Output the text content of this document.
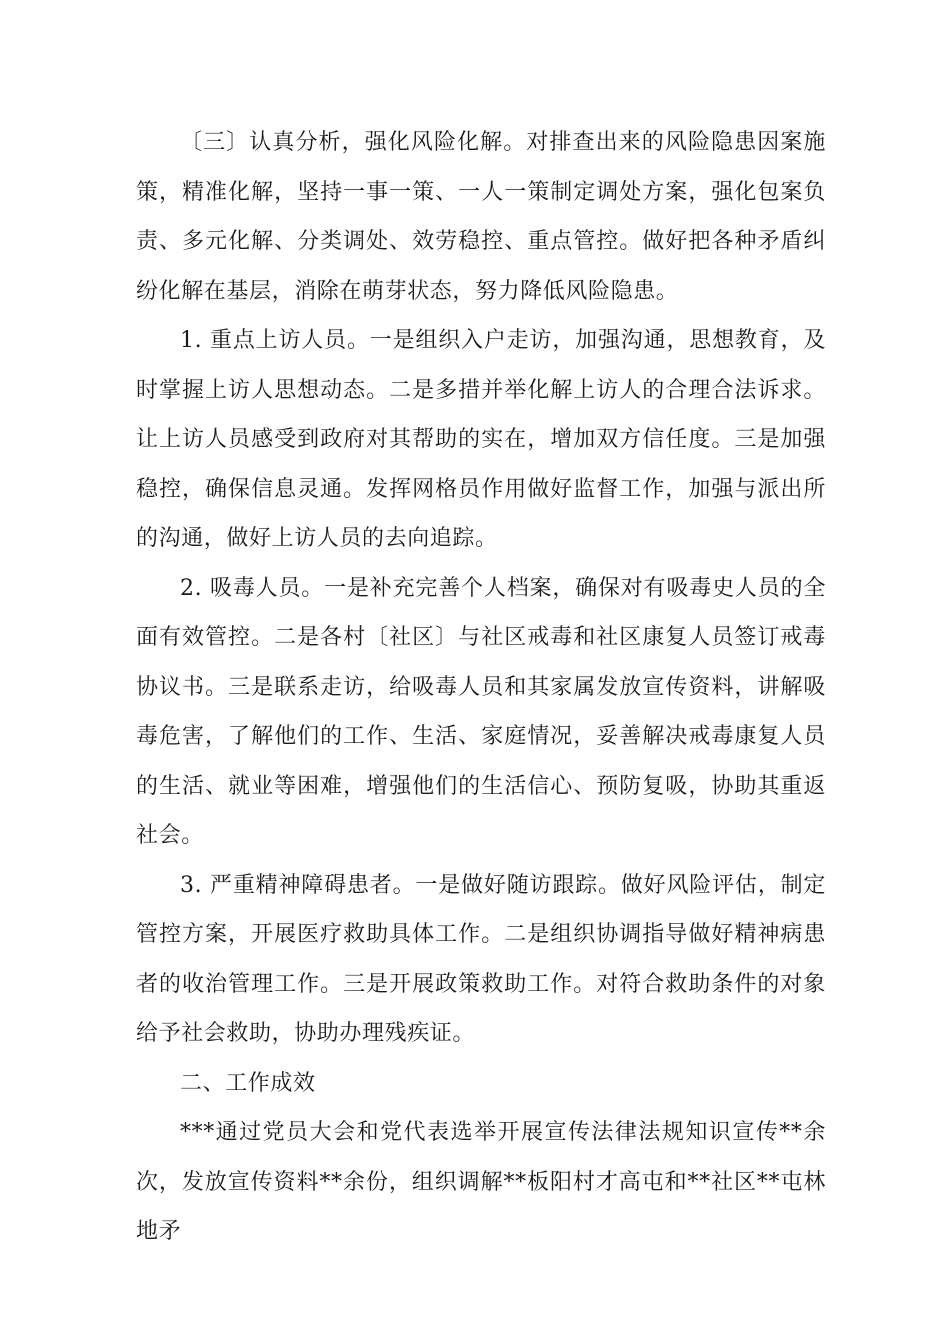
〔三〕认真分析，强化风险化解。对排查出来的风险隐患因案施策，精准化解，坚持一事一策、一人一策制定调处方案，强化包案负责、多元化解、分类调处、效劳稳控、重点管控。做好把各种矛盾纠纷化解在基层，消除在萌芽状态，努力降低风险隐患。

1. 重点上访人员。一是组织入户走访，加强沟通，思想教育，及时掌握上访人思想动态。二是多措并举化解上访人的合理合法诉求。让上访人员感受到政府对其帮助的实在，增加双方信任度。三是加强稳控，确保信息灵通。发挥网格员作用做好监督工作，加强与派出所的沟通，做好上访人员的去向追踪。

2. 吸毒人员。一是补充完善个人档案，确保对有吸毒史人员的全面有效管控。二是各村〔社区〕与社区戒毒和社区康复人员签订戒毒协议书。三是联系走访，给吸毒人员和其家属发放宣传资料，讲解吸毒危害，了解他们的工作、生活、家庭情况，妥善解决戒毒康复人员的生活、就业等困难，增强他们的生活信心、预防复吸，协助其重返社会。

3. 严重精神障碍患者。一是做好随访跟踪。做好风险评估，制定管控方案，开展医疗救助具体工作。二是组织协调指导做好精神病患者的收治管理工作。三是开展政策救助工作。对符合救助条件的对象给予社会救助，协助办理残疾证。

二、工作成效

***通过党员大会和党代表选举开展宣传法律法规知识宣传**余次，发放宣传资料**余份，组织调解**板阳村才高屯和**社区**屯林地矛
